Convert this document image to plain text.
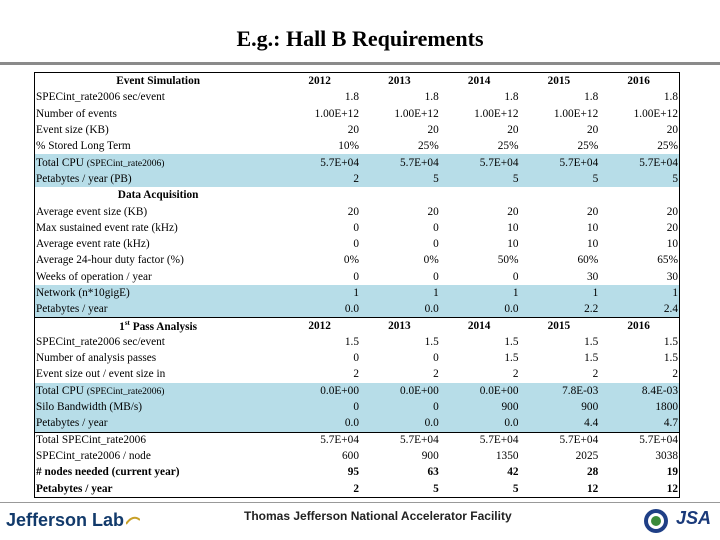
E.g.: Hall B Requirements
Event Simulation	2012	2013	2014	2015	2016
SPECint_rate2006 sec/event	1.8	1.8	1.8	1.8	1.8
Number of events	1.00E+12	1.00E+12	1.00E+12	1.00E+12	1.00E+12
Event size (KB)	20	20	20	20	20
% Stored Long Term	10%	25%	25%	25%	25%
Total CPU (SPECint_rate2006)	5.7E+04	5.7E+04	5.7E+04	5.7E+04	5.7E+04
Petabytes / year (PB)	2	5	5	5	5
Data Acquisition
Average event size (KB)	20	20	20	20	20
Max sustained event rate (kHz)	0	0	10	10	20
Average event rate (kHz)	0	0	10	10	10
Average 24-hour duty factor (%)	0%	0%	50%	60%	65%
Weeks of operation / year	0	0	0	30	30
Network (n*10gigE)	1	1	1	1	1
Petabytes / year	0.0	0.0	0.0	2.2	2.4
1st Pass Analysis	2012	2013	2014	2015	2016
SPECint_rate2006 sec/event	1.5	1.5	1.5	1.5	1.5
Number of analysis passes	0	0	1.5	1.5	1.5
Event size out / event size in	2	2	2	2	2
Total CPU (SPECint_rate2006)	0.0E+00	0.0E+00	0.0E+00	7.8E-03	8.4E-03
Silo Bandwidth (MB/s)	0	0	900	900	1800
Petabytes / year	0.0	0.0	0.0	4.4	4.7
Total SPECint_rate2006	5.7E+04	5.7E+04	5.7E+04	5.7E+04	5.7E+04
SPECint_rate2006 / node	600	900	1350	2025	3038
# nodes needed (current year)	95	63	42	28	19
Petabytes / year	2	5	5	12	12
Jefferson Lab	Thomas Jefferson National Accelerator Facility	JSA
